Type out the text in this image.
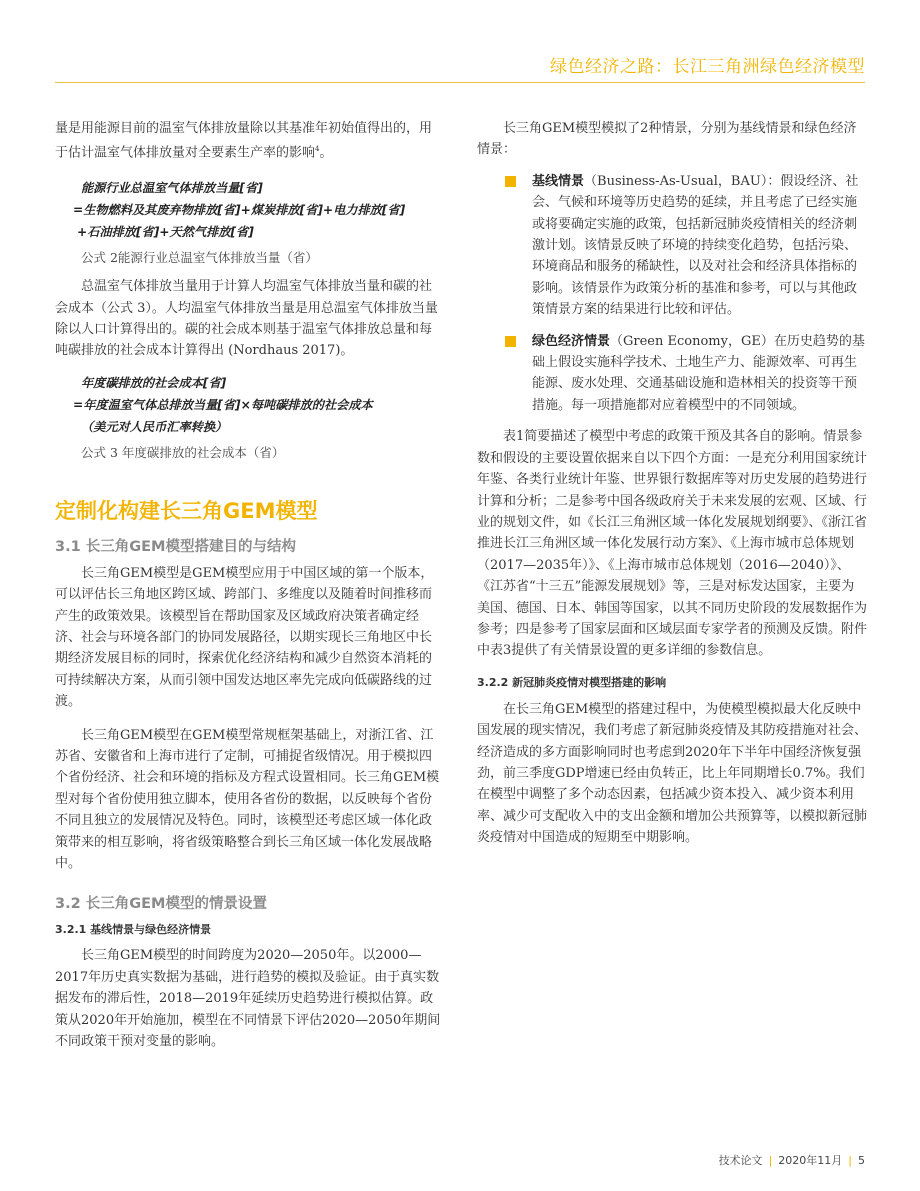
绿色经济之路：长江三角洲绿色经济模型

量是用能源目前的温室气体排放量除以其基准年初始值得出的，用于估计温室气体排放量对全要素生产率的影响$^4$。

能源行业总温室气体排放当量[省]

=生物燃料及其废弃物排放[省]+煤炭排放[省]+电力排放[省]

+石油排放[省]+天然气排放[省]

公式 2能源行业总温室气体排放当量（省）

总温室气体排放当量用于计算人均温室气体排放当量和碳的社会成本（公式 3）。人均温室气体排放当量是用总温室气体排放当量除以人口计算得出的。碳的社会成本则基于温室气体排放总量和每吨碳排放的社会成本计算得出 (Nordhaus 2017)。

年度碳排放的社会成本[省]

=年度温室气体总排放当量[省]×每吨碳排放的社会成本

（美元对人民币汇率转换）

公式 3 年度碳排放的社会成本（省）

定制化构建长三角GEM模型
3.1 长三角GEM模型搭建目的与结构

长三角GEM模型是GEM模型应用于中国区域的第一个版本，可以评估长三角地区跨区域、跨部门、多维度以及随着时间推移而产生的政策效果。该模型旨在帮助国家及区域政府决策者确定经济、社会与环境各部门的协同发展路径，以期实现长三角地区中长期经济发展目标的同时，探索优化经济结构和减少自然资本消耗的可持续解决方案，从而引领中国发达地区率先完成向低碳路线的过渡。

长三角GEM模型在GEM模型常规框架基础上，对浙江省、江苏省、安徽省和上海市进行了定制，可捕捉省级情况。用于模拟四个省份经济、社会和环境的指标及方程式设置相同。长三角GEM模型对每个省份使用独立脚本，使用各省份的数据，以反映每个省份不同且独立的发展情况及特色。同时，该模型还考虑区域一体化政策带来的相互影响，将省级策略整合到长三角区域一体化发展战略中。

3.2 长三角GEM模型的情景设置
3.2.1 基线情景与绿色经济情景

长三角GEM模型的时间跨度为2020—2050年。以2000—2017年历史真实数据为基础，进行趋势的模拟及验证。由于真实数据发布的滞后性，2018—2019年延续历史趋势进行模拟估算。政策从2020年开始施加，模型在不同情景下评估2020—2050年期间不同政策干预对变量的影响。

长三角GEM模型模拟了2种情景，分别为基线情景和绿色经济情景：

基线情景（Business-As-Usual，BAU）：假设经济、社会、气候和环境等历史趋势的延续，并且考虑了已经实施或将要确定实施的政策，包括新冠肺炎疫情相关的经济刺激计划。该情景反映了环境的持续变化趋势，包括污染、环境商品和服务的稀缺性，以及对社会和经济具体指标的影响。该情景作为政策分析的基准和参考，可以与其他政策情景方案的结果进行比较和评估。

绿色经济情景（Green Economy，GE）在历史趋势的基础上假设实施科学技术、土地生产力、能源效率、可再生能源、废水处理、交通基础设施和造林相关的投资等干预措施。每一项措施都对应着模型中的不同领域。

表1简要描述了模型中考虑的政策干预及其各自的影响。情景参数和假设的主要设置依据来自以下四个方面：一是充分利用国家统计年鉴、各类行业统计年鉴、世界银行数据库等对历史发展的趋势进行计算和分析；二是参考中国各级政府关于未来发展的宏观、区域、行业的规划文件，如《长江三角洲区域一体化发展规划纲要》、《浙江省推进长江三角洲区域一体化发展行动方案》、《上海市城市总体规划（2017—2035年）》、《上海市城市总体规划（2016—2040）》、《江苏省“十三五”能源发展规划》等，三是对标发达国家，主要为美国、德国、日本、韩国等国家，以其不同历史阶段的发展数据作为参考；四是参考了国家层面和区域层面专家学者的预测及反馈。附件中表3提供了有关情景设置的更多详细的参数信息。

3.2.2 新冠肺炎疫情对模型搭建的影响

在长三角GEM模型的搭建过程中，为使模型模拟最大化反映中国发展的现实情况，我们考虑了新冠肺炎疫情及其防疫措施对社会、经济造成的多方面影响同时也考虑到2020年下半年中国经济恢复强劲，前三季度GDP增速已经由负转正，比上年同期增长0.7%。我们在模型中调整了多个动态因素，包括减少资本投入、减少资本利用率、减少可支配收入中的支出金额和增加公共预算等，以模拟新冠肺炎疫情对中国造成的短期至中期影响。

技术论文 | 2020年11月 | 5
